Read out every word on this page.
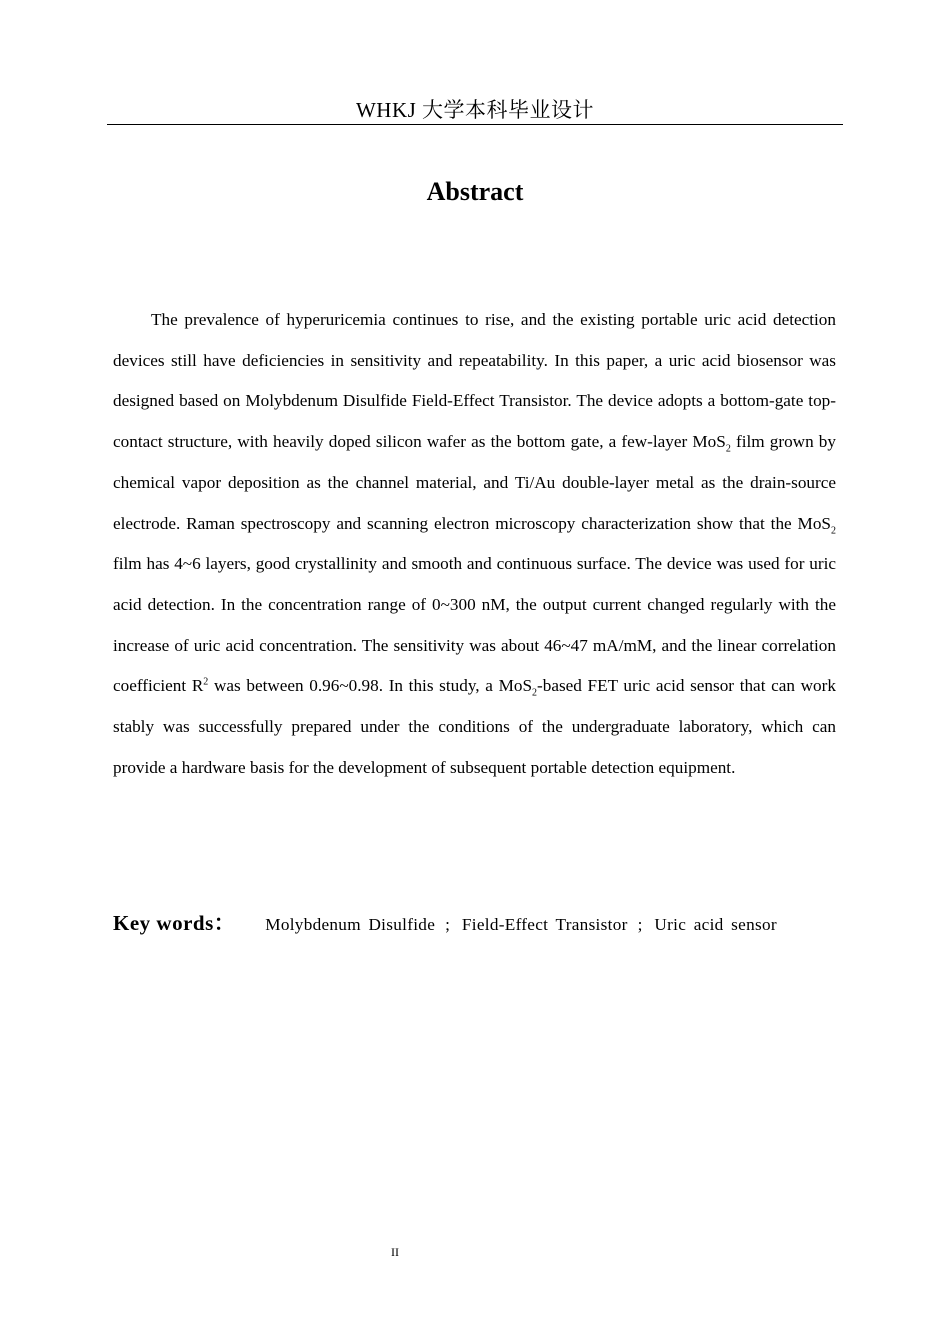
WHKJ 大学本科毕业设计
Abstract

The prevalence of hyperuricemia continues to rise, and the existing portable uric acid detection devices still have deficiencies in sensitivity and repeatability. In this paper, a uric acid biosensor was designed based on Molybdenum Disulfide Field-Effect Transistor. The device adopts a bottom-gate top-contact structure, with heavily doped silicon wafer as the bottom gate, a few-layer MoS$_2$ film grown by chemical vapor deposition as the channel material, and Ti/Au double-layer metal as the drain-source electrode. Raman spectroscopy and scanning electron microscopy characterization show that the MoS$_2$ film has 4~6 layers, good crystallinity and smooth and continuous surface. The device was used for uric acid detection. In the concentration range of 0~300 nM, the output current changed regularly with the increase of uric acid concentration. The sensitivity was about 46~47 mA/mM, and the linear correlation coefficient $R^2$ was between 0.96~0.98. In this study, a MoS$_2$-based FET uric acid sensor that can work stably was successfully prepared under the conditions of the undergraduate laboratory, which can provide a hardware basis for the development of subsequent portable detection equipment.

Key words： Molybdenum Disulfide ; Field-Effect Transistor ; Uric acid sensor
II
